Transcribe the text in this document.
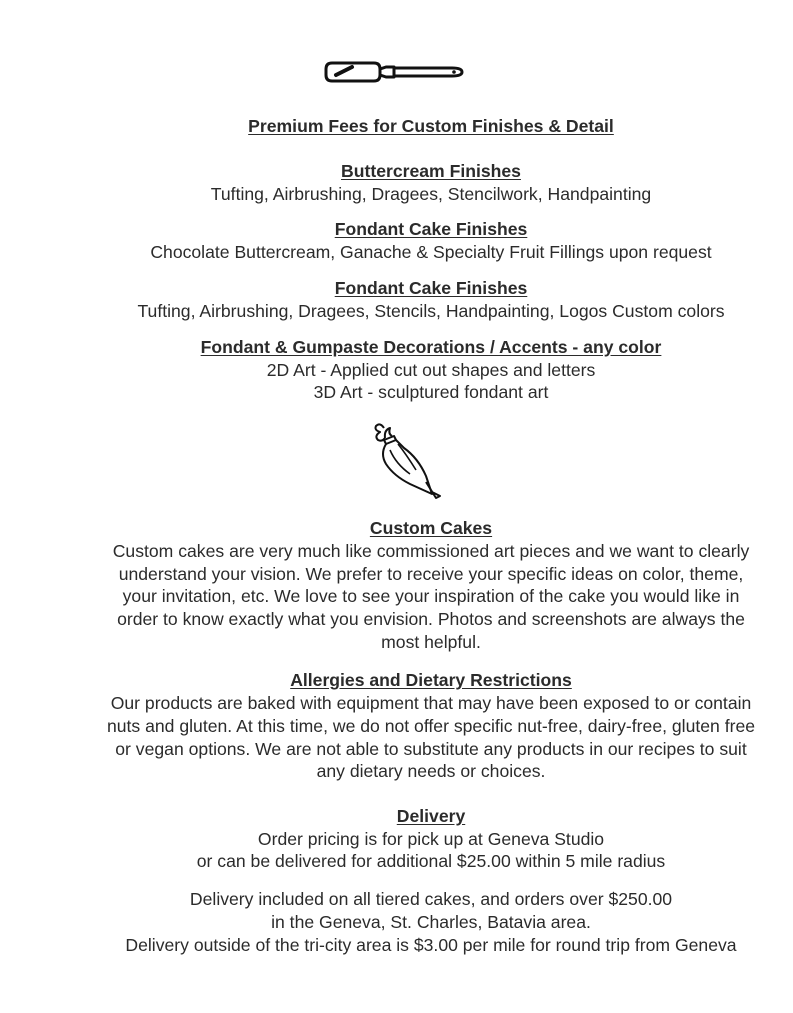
Premium Fees for Custom Finishes & Detail

Buttercream Finishes

Tufting, Airbrushing, Dragees, Stencilwork, Handpainting

Fondant Cake Finishes

Chocolate Buttercream, Ganache & Specialty Fruit Fillings upon request

Fondant Cake Finishes

Tufting, Airbrushing, Dragees, Stencils, Handpainting, Logos Custom colors

Fondant & Gumpaste Decorations / Accents - any color

2D Art - Applied cut out shapes and letters

3D Art - sculptured fondant art

Custom Cakes

Custom cakes are very much like commissioned art pieces and we want to clearly

understand your vision. We prefer to receive your specific ideas on color, theme,

your invitation, etc. We love to see your inspiration of the cake you would like in

order to know exactly what you envision. Photos and screenshots are always the

most helpful.

Allergies and Dietary Restrictions

Our products are baked with equipment that may have been exposed to or contain

nuts and gluten. At this time, we do not offer specific nut-free, dairy-free, gluten free

or vegan options. We are not able to substitute any products in our recipes to suit

any dietary needs or choices.

Delivery

Order pricing is for pick up at Geneva Studio

or can be delivered for additional $25.00 within 5 mile radius

Delivery included on all tiered cakes, and orders over $250.00

in the Geneva, St. Charles, Batavia area.

Delivery outside of the tri-city area is $3.00 per mile for round trip from Geneva
